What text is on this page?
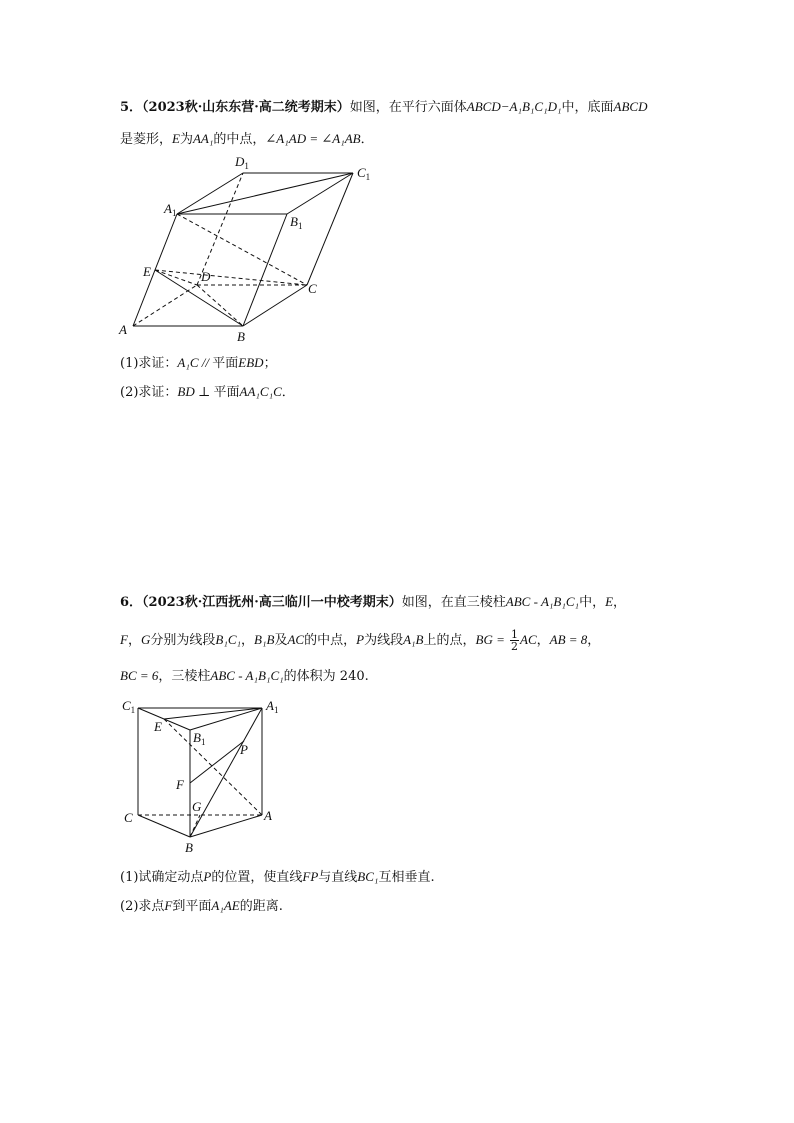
5．（2023秋·山东东营·高二统考期末）如图，在平行六面体ABCD−A₁B₁C₁D₁中，底面ABCD
是菱形，E为AA₁的中点，∠A₁AD = ∠A₁AB．
A	B
C
D
E
$A_1$
$B_1$
$C_1$
$D_1$
(1)求证：A₁C // 平面EBD；
(2)求证：BD ⊥ 平面AA₁C₁C．
6．（2023秋·江西抚州·高三临川一中校考期末）如图，在直三棱柱ABC - A₁B₁C₁中，E，
F，G分别为线段B₁C₁，B₁B及AC的中点，P为线段A₁B上的点，BG = $\frac{1}{2}$ AC，AB = 8，
BC = 6，三棱柱ABC - A₁B₁C₁的体积为 240.
$C_1$	$A_1$
E
$B_1$	P
F
G
C	A
B
(1)试确定动点P的位置，使直线FP与直线BC₁互相垂直.
(2)求点F到平面A₁AE的距离.
